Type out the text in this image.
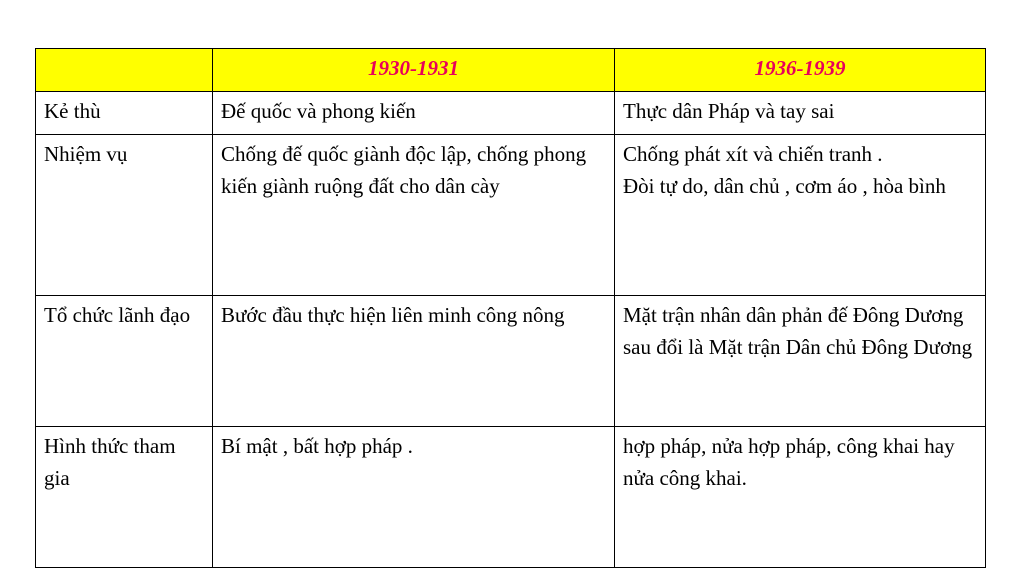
	1930-1931	1936-1939

Kẻ thù	Đế quốc và phong kiến	Thực dân Pháp và tay sai

Nhiệm vụ	Chống đế quốc giành độc lập, chống phong kiến giành ruộng đất cho dân cày	Chống phát xít và chiến tranh .
Đòi tự do, dân chủ , cơm áo , hòa bình

Tổ chức lãnh đạo	Bước đầu thực hiện liên minh công nông	Mặt trận nhân dân phản đế Đông Dương sau đổi là Mặt trận Dân chủ Đông Dương

Hình thức tham gia	Bí mật , bất hợp pháp .	hợp pháp, nửa hợp pháp, công khai hay nửa công khai.
